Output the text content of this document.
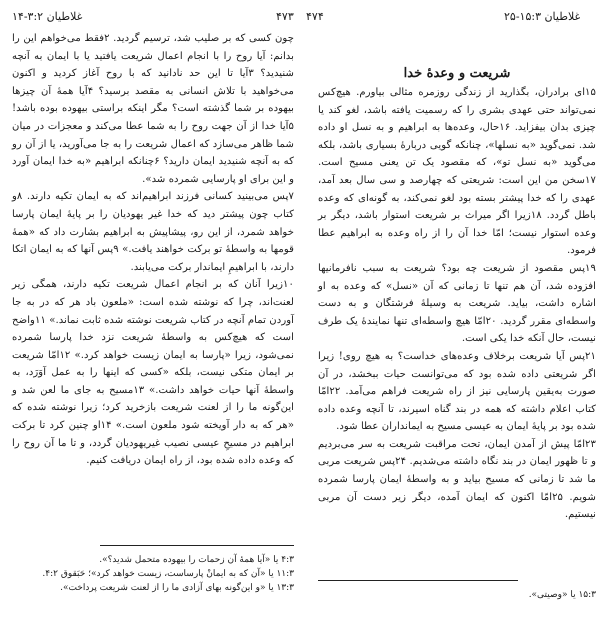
غلاطیان ۳:۲-۱۴	۴۷۳

چون کسی که بر صلیب شد، ترسیم گردید. ۲فقط می‌خواهم این را بدانم: آیا روح را با انجام اعمال شریعت یافتید یا با ایمان به آنچه شنیدید؟ ۳آیا تا این حد نادانید که با روح آغاز کردید و اکنون می‌خواهید با تلاش انسانی به مقصد برسید؟ ۴آیا همهٔ آن چیزها بیهوده بر شما گذشته است؟ مگر اینکه براستی بیهوده بوده باشد! ۵آیا خدا از آن جهت روح را به شما عطا می‌کند و معجزات در میان شما ظاهر می‌سازد که اعمال شریعت را به جا می‌آورید، یا از آن رو که به آنچه شنیدید ایمان دارید؟ ۶چنانکه ابراهیم «به خدا ایمان آورد و این برای او پارسایی شمرده شد».
۷پس می‌بینید کسانی فرزند ابراهیم‌اند که به ایمان تکیه دارند. ۸و کتاب چون پیشتر دید که خدا غیر یهودیان را بر پایهٔ ایمان پارسا خواهد شمرد، از این رو، پیشاپیش به ابراهیم بشارت داد که «همهٔ قومها به واسطهٔ تو برکت خواهند یافت.» ۹پس آنها که به ایمان اتکا دارند، با ابراهیمِ ایماندار برکت می‌یابند.
۱۰زیرا آنان که بر انجام اعمال شریعت تکیه دارند، همگی زیر لعنت‌اند، چرا که نوشته شده است: «ملعون باد هر که در به جا آوردن تمام آنچه در کتاب شریعت نوشته شده ثابت نماند.» ۱۱واضح است که هیچ‌کس به واسطهٔ شریعت نزد خدا پارسا شمرده نمی‌شود، زیرا «پارسا به ایمان زیست خواهد کرد.» ۱۲امّا شریعت بر ایمان متکی نیست، بلکه «کسی که اینها را به عمل آوَرَد، به واسطهٔ آنها حیات خواهد داشت.» ۱۳مسیح به جای ما لعن شد و این‌گونه ما را از لعنت شریعت بازخرید کرد؛ زیرا نوشته شده که «هر که به دار آویخته شود ملعون است.» ۱۴او چنین کرد تا برکت ابراهیم در مسیحِ عیسی نصیب غیریهودیان گردد، و تا ما آن روح را که وعده داده شده بود، از راه ایمان دریافت کنیم.

۴:۳ یا «آیا همهٔ آن زحمات را بیهوده متحمل شدید؟».
۱۱:۳ یا «آن که به ایمانْ پارساست، زیست خواهد کرد»؛ حَبَقوق ۴:۲.
۱۳:۳ یا «و این‌گونه بهای آزادی ما را از لعنت شریعت پرداخت».
۴۷۴	غلاطیان ۱۵:۳-۲۵
شریعت و وعدهٔ خدا

۱۵ای برادران، بگذارید از زندگی روزمره مثالی بیاورم. هیچ‌کس نمی‌تواند حتی عهدی بشری را که رسمیت یافته باشد، لغو کند یا چیزی بدان بیفزاید. ۱۶حال، وعده‌ها به ابراهیم و به نسل او داده شد. نمی‌گوید «به نسلها»، چنانکه گویی دربارهٔ بسیاری باشد، بلکه می‌گوید «به نسل تو»، که مقصود یک تن یعنی مسیح است. ۱۷سخن من این است: شریعتی که چهارصد و سی سال بعد آمد، عهدی را که خدا پیشتر بسته بود لغو نمی‌کند، به گونه‌ای که وعده باطل گردد. ۱۸زیرا اگر میراث بر شریعت استوار باشد، دیگر بر وعده استوار نیست؛ امّا خدا آن را از راه وعده به ابراهیم عطا فرمود.
۱۹پس مقصود از شریعت چه بود؟ شریعت به سبب نافرمانیها افزوده شد، آن هم تنها تا زمانی که آن «نسل» که وعده به او اشاره داشت، بیاید. شریعت به وسیلهٔ فرشتگان و به دست واسطه‌ای مقرر گردید. ۲۰امّا هیچ واسطه‌ای تنها نمایندهٔ یک طرف نیست، حال آنکه خدا یکی است.
۲۱پس آیا شریعت برخلاف وعده‌های خداست؟ به هیچ روی! زیرا اگر شریعتی داده شده بود که می‌توانست حیات ببخشد، در آن صورت به‌یقین پارسایی نیز از راه شریعت فراهم می‌آمد. ۲۲امّا کتاب اعلام داشته که همه در بند گناه اسیرند، تا آنچه وعده داده شده بود بر پایهٔ ایمان به عیسی مسیح به ایمانداران عطا شود.
۲۳امّا پیش از آمدن ایمان، تحت مراقبت شریعت به سر می‌بردیم و تا ظهور ایمان در بند نگاه داشته می‌شدیم. ۲۴پس شریعت مربی ما شد تا زمانی که مسیح بیاید و به واسطهٔ ایمان پارسا شمرده شویم. ۲۵امّا اکنون که ایمان آمده، دیگر زیر دست آن مربی نیستیم.

۱۵:۳ یا «وصیتی».
